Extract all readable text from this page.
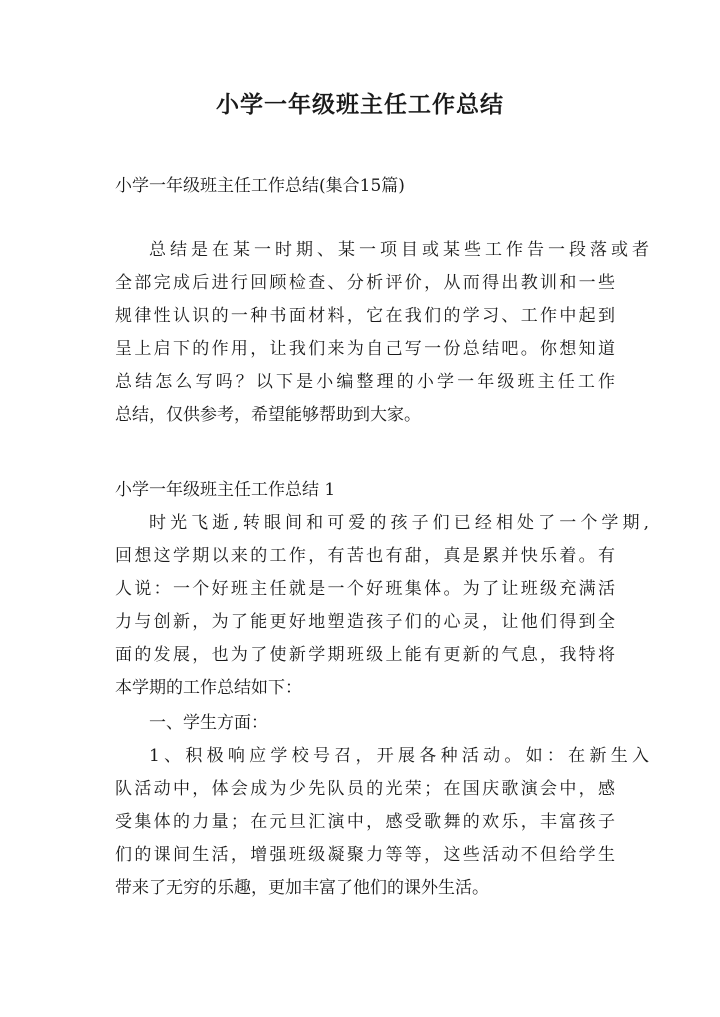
小学一年级班主任工作总结

小学一年级班主任工作总结(集合15篇)

总结是在某一时期、某一项目或某些工作告一段落或者

全部完成后进行回顾检查、分析评价，从而得出教训和一些

规律性认识的一种书面材料，它在我们的学习、工作中起到

呈上启下的作用，让我们来为自己写一份总结吧。你想知道

总结怎么写吗？以下是小编整理的小学一年级班主任工作

总结，仅供参考，希望能够帮助到大家。

小学一年级班主任工作总结 1

时光飞逝,转眼间和可爱的孩子们已经相处了一个学期,

回想这学期以来的工作，有苦也有甜，真是累并快乐着。有

人说：一个好班主任就是一个好班集体。为了让班级充满活

力与创新，为了能更好地塑造孩子们的心灵，让他们得到全

面的发展，也为了使新学期班级上能有更新的气息，我特将

本学期的工作总结如下：

一、学生方面：

1、积极响应学校号召，开展各种活动。如：在新生入

队活动中，体会成为少先队员的光荣；在国庆歌演会中，感

受集体的力量；在元旦汇演中，感受歌舞的欢乐，丰富孩子

们的课间生活，增强班级凝聚力等等，这些活动不但给学生

带来了无穷的乐趣，更加丰富了他们的课外生活。
